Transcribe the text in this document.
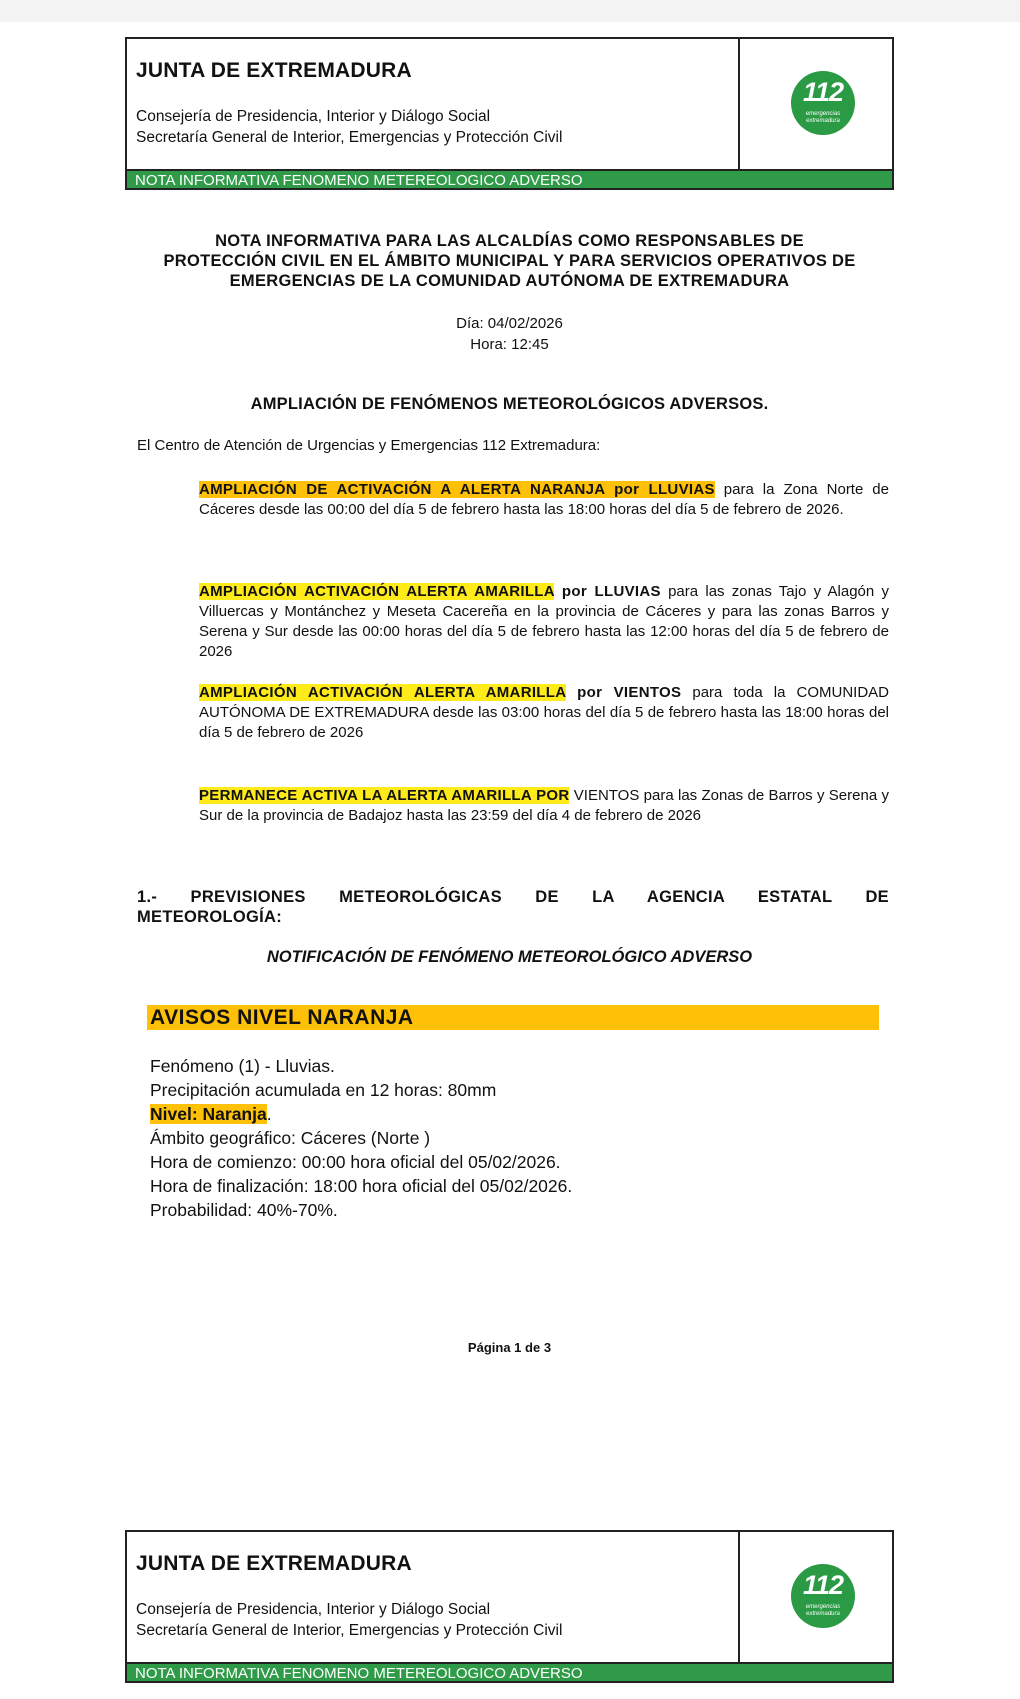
JUNTA DE EXTREMADURA
Consejería de Presidencia, Interior y Diálogo Social
Secretaría General de Interior, Emergencias y Protección Civil
112
emergencias
extremadura
NOTA INFORMATIVA FENOMENO METEREOLOGICO ADVERSO
NOTA INFORMATIVA PARA LAS ALCALDÍAS COMO RESPONSABLES DE
PROTECCIÓN CIVIL EN EL ÁMBITO MUNICIPAL Y PARA SERVICIOS OPERATIVOS DE
EMERGENCIAS DE LA COMUNIDAD AUTÓNOMA DE EXTREMADURA
Día: 04/02/2026
Hora: 12:45
AMPLIACIÓN DE FENÓMENOS METEOROLÓGICOS ADVERSOS.
El Centro de Atención de Urgencias y Emergencias 112 Extremadura:
AMPLIACIÓN DE ACTIVACIÓN A ALERTA NARANJA por LLUVIAS para la Zona Norte de Cáceres desde las 00:00 del día 5 de febrero hasta las 18:00 horas del día 5 de febrero de 2026.
AMPLIACIÓN ACTIVACIÓN ALERTA AMARILLA por LLUVIAS para las zonas Tajo y Alagón y Villuercas y Montánchez y Meseta Cacereña en la provincia de Cáceres y para las zonas Barros y Serena y Sur desde las 00:00 horas del día 5 de febrero hasta las 12:00 horas del día 5 de febrero de 2026
AMPLIACIÓN ACTIVACIÓN ALERTA AMARILLA por VIENTOS para toda la COMUNIDAD AUTÓNOMA DE EXTREMADURA desde las 03:00 horas del día 5 de febrero hasta las 18:00 horas del día 5 de febrero de 2026
PERMANECE ACTIVA LA ALERTA AMARILLA POR VIENTOS para las Zonas de Barros y Serena y Sur de la provincia de Badajoz hasta las 23:59 del día 4 de febrero de 2026
1.- PREVISIONES METEOROLÓGICAS DE LA AGENCIA ESTATAL DE METEOROLOGÍA:
NOTIFICACIÓN DE FENÓMENO METEOROLÓGICO ADVERSO
AVISOS NIVEL NARANJA
Fenómeno (1) - Lluvias.
Precipitación acumulada en 12 horas: 80mm
Nivel: Naranja.
Ámbito geográfico: Cáceres (Norte )
Hora de comienzo: 00:00 hora oficial del 05/02/2026.
Hora de finalización: 18:00 hora oficial del 05/02/2026.
Probabilidad: 40%-70%.
Página 1 de 3
JUNTA DE EXTREMADURA
Consejería de Presidencia, Interior y Diálogo Social
Secretaría General de Interior, Emergencias y Protección Civil
112
emergencias
extremadura
NOTA INFORMATIVA FENOMENO METEREOLOGICO ADVERSO
